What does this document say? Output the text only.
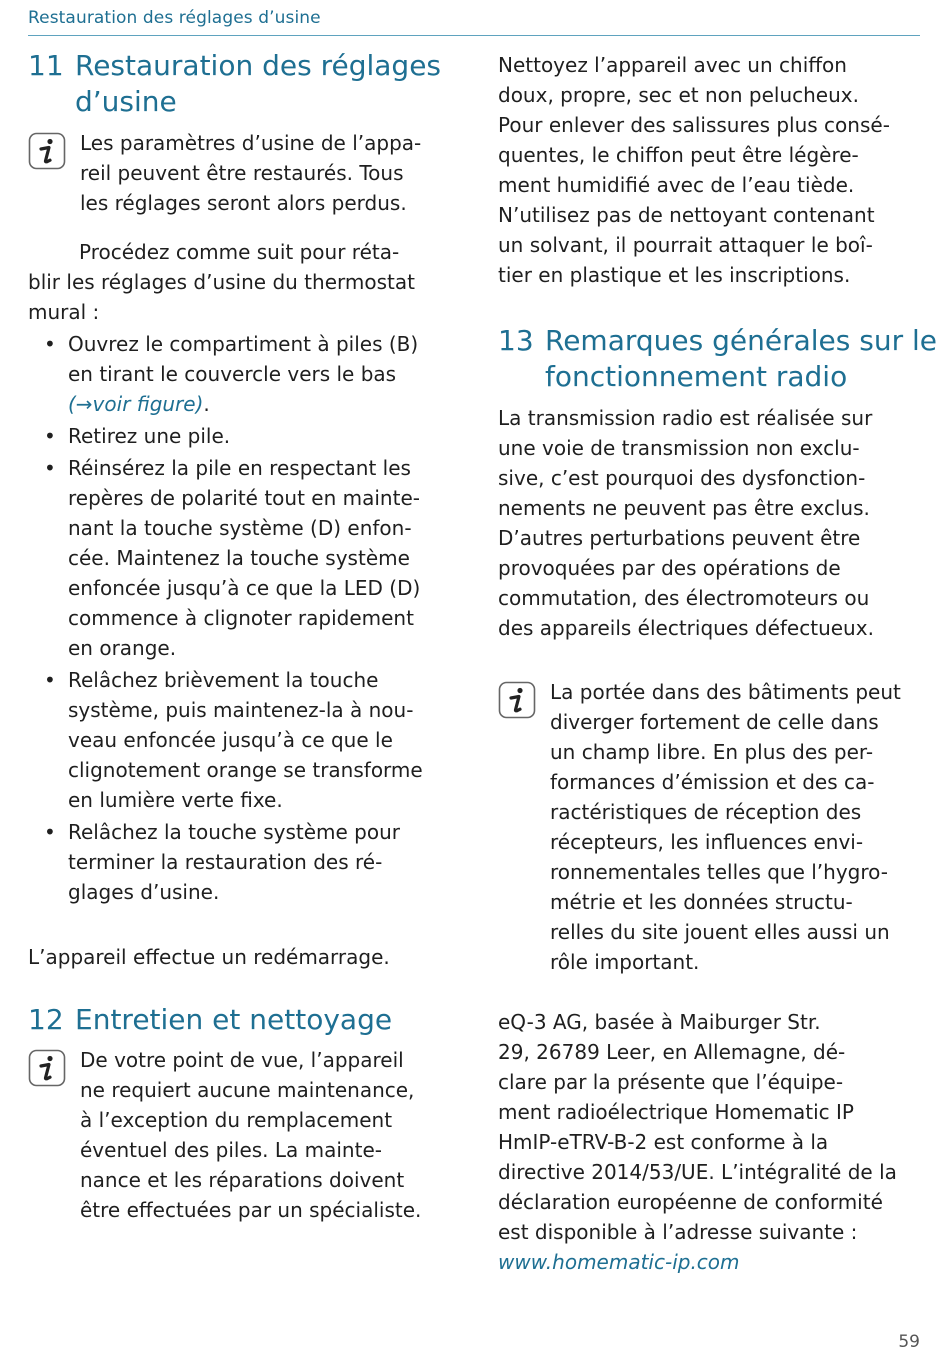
Restauration des réglages d’usine
11 Restauration des réglages
d’usine

Les paramètres d’usine de l’appa-
reil peuvent être restaurés. Tous
les réglages seront alors perdus.

Procédez comme suit pour réta-
blir les réglages d’usine du thermostat
mural :

• Ouvrez le compartiment à piles (B)
en tirant le couvercle vers le bas
(→voir figure).
• Retirez une pile.
• Réinsérez la pile en respectant les
repères de polarité tout en mainte-
nant la touche système (D) enfon-
cée. Maintenez la touche système
enfoncée jusqu’à ce que la LED (D)
commence à clignoter rapidement
en orange.
• Relâchez brièvement la touche
système, puis maintenez-la à nou-
veau enfoncée jusqu’à ce que le
clignotement orange se transforme
en lumière verte fixe.
• Relâchez la touche système pour
terminer la restauration des ré-
glages d’usine.

L’appareil effectue un redémarrage.

12 Entretien et nettoyage

De votre point de vue, l’appareil
ne requiert aucune maintenance,
à l’exception du remplacement
éventuel des piles. La mainte-
nance et les réparations doivent
être effectuées par un spécialiste.

Nettoyez l’appareil avec un chiffon
doux, propre, sec et non pelucheux.
Pour enlever des salissures plus consé-
quentes, le chiffon peut être légère-
ment humidifié avec de l’eau tiède.
N’utilisez pas de nettoyant contenant
un solvant, il pourrait attaquer le boî-
tier en plastique et les inscriptions.

13 Remarques générales sur le
fonctionnement radio

La transmission radio est réalisée sur
une voie de transmission non exclu-
sive, c’est pourquoi des dysfonction-
nements ne peuvent pas être exclus.
D’autres perturbations peuvent être
provoquées par des opérations de
commutation, des électromoteurs ou
des appareils électriques défectueux.

La portée dans des bâtiments peut
diverger fortement de celle dans
un champ libre. En plus des per-
formances d’émission et des ca-
ractéristiques de réception des
récepteurs, les influences envi-
ronnementales telles que l’hygro-
métrie et les données structu-
relles du site jouent elles aussi un
rôle important.

eQ-3 AG, basée à Maiburger Str.
29, 26789 Leer, en Allemagne, dé-
clare par la présente que l’équipe-
ment radioélectrique Homematic IP
HmIP-eTRV-B-2 est conforme à la
directive 2014/53/UE. L’intégralité de la
déclaration européenne de conformité
est disponible à l’adresse suivante :
www.homematic-ip.com

59
